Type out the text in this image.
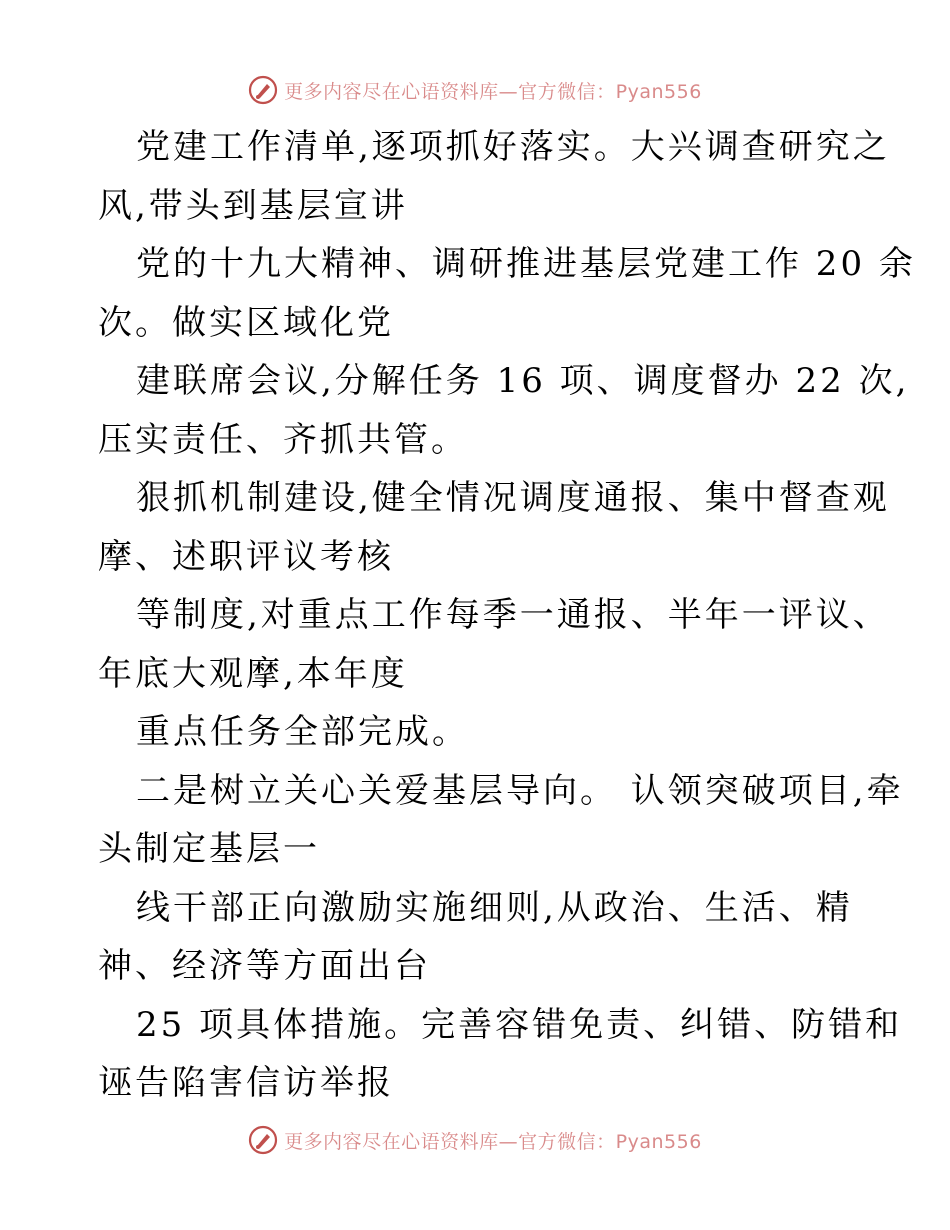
更多内容尽在心语资料库—官方微信：Pyan556
党建工作清单,逐项抓好落实。大兴调查研究之
风,带头到基层宣讲
党的十九大精神、调研推进基层党建工作 20 余
次。做实区域化党
建联席会议,分解任务 16 项、调度督办 22 次,
压实责任、齐抓共管。
狠抓机制建设,健全情况调度通报、集中督查观
摩、述职评议考核
等制度,对重点工作每季一通报、半年一评议、
年底大观摩,本年度
重点任务全部完成。
二是树立关心关爱基层导向。 认领突破项目,牵
头制定基层一
线干部正向激励实施细则,从政治、生活、精
神、经济等方面出台
25 项具体措施。完善容错免责、纠错、防错和
诬告陷害信访举报
更多内容尽在心语资料库—官方微信：Pyan556
